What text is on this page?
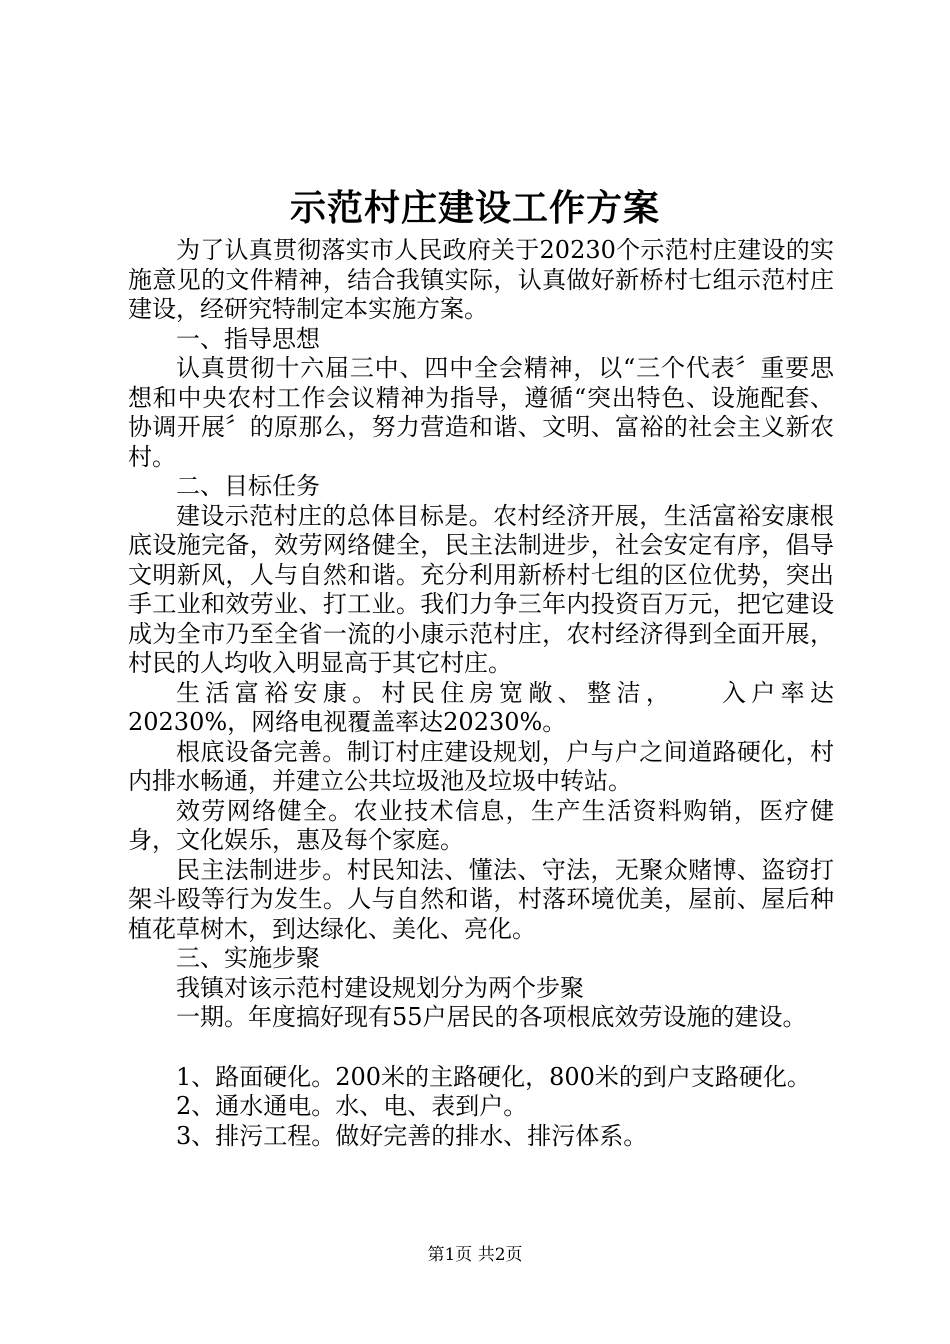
示范村庄建设工作方案

为了认真贯彻落实市人民政府关于20230个示范村庄建设的实施意见的文件精神，结合我镇实际，认真做好新桥村七组示范村庄建设，经研究特制定本实施方案。

一、指导思想

认真贯彻十六届三中、四中全会精神，以“三个代表〞重要思想和中央农村工作会议精神为指导，遵循“突出特色、设施配套、协调开展〞的原那么，努力营造和谐、文明、富裕的社会主义新农村。

二、目标任务

建设示范村庄的总体目标是。农村经济开展，生活富裕安康根底设施完备，效劳网络健全，民主法制进步，社会安定有序，倡导文明新风，人与自然和谐。充分利用新桥村七组的区位优势，突出手工业和效劳业、打工业。我们力争三年内投资百万元，把它建设成为全市乃至全省一流的小康示范村庄，农村经济得到全面开展，村民的人均收入明显高于其它村庄。

生活富裕安康。村民住房宽敞、整洁，　　入户率达20230%，网络电视覆盖率达20230%。

根底设备完善。制订村庄建设规划，户与户之间道路硬化，村内排水畅通，并建立公共垃圾池及垃圾中转站。

效劳网络健全。农业技术信息，生产生活资料购销，医疗健身，文化娱乐，惠及每个家庭。

民主法制进步。村民知法、懂法、守法，无聚众赌博、盗窃打架斗殴等行为发生。人与自然和谐，村落环境优美，屋前、屋后种植花草树木，到达绿化、美化、亮化。

三、实施步聚

我镇对该示范村建设规划分为两个步聚

一期。年度搞好现有55户居民的各项根底效劳设施的建设。

1、路面硬化。200米的主路硬化，800米的到户支路硬化。

2、通水通电。水、电、表到户。

3、排污工程。做好完善的排水、排污体系。

第1页 共2页
